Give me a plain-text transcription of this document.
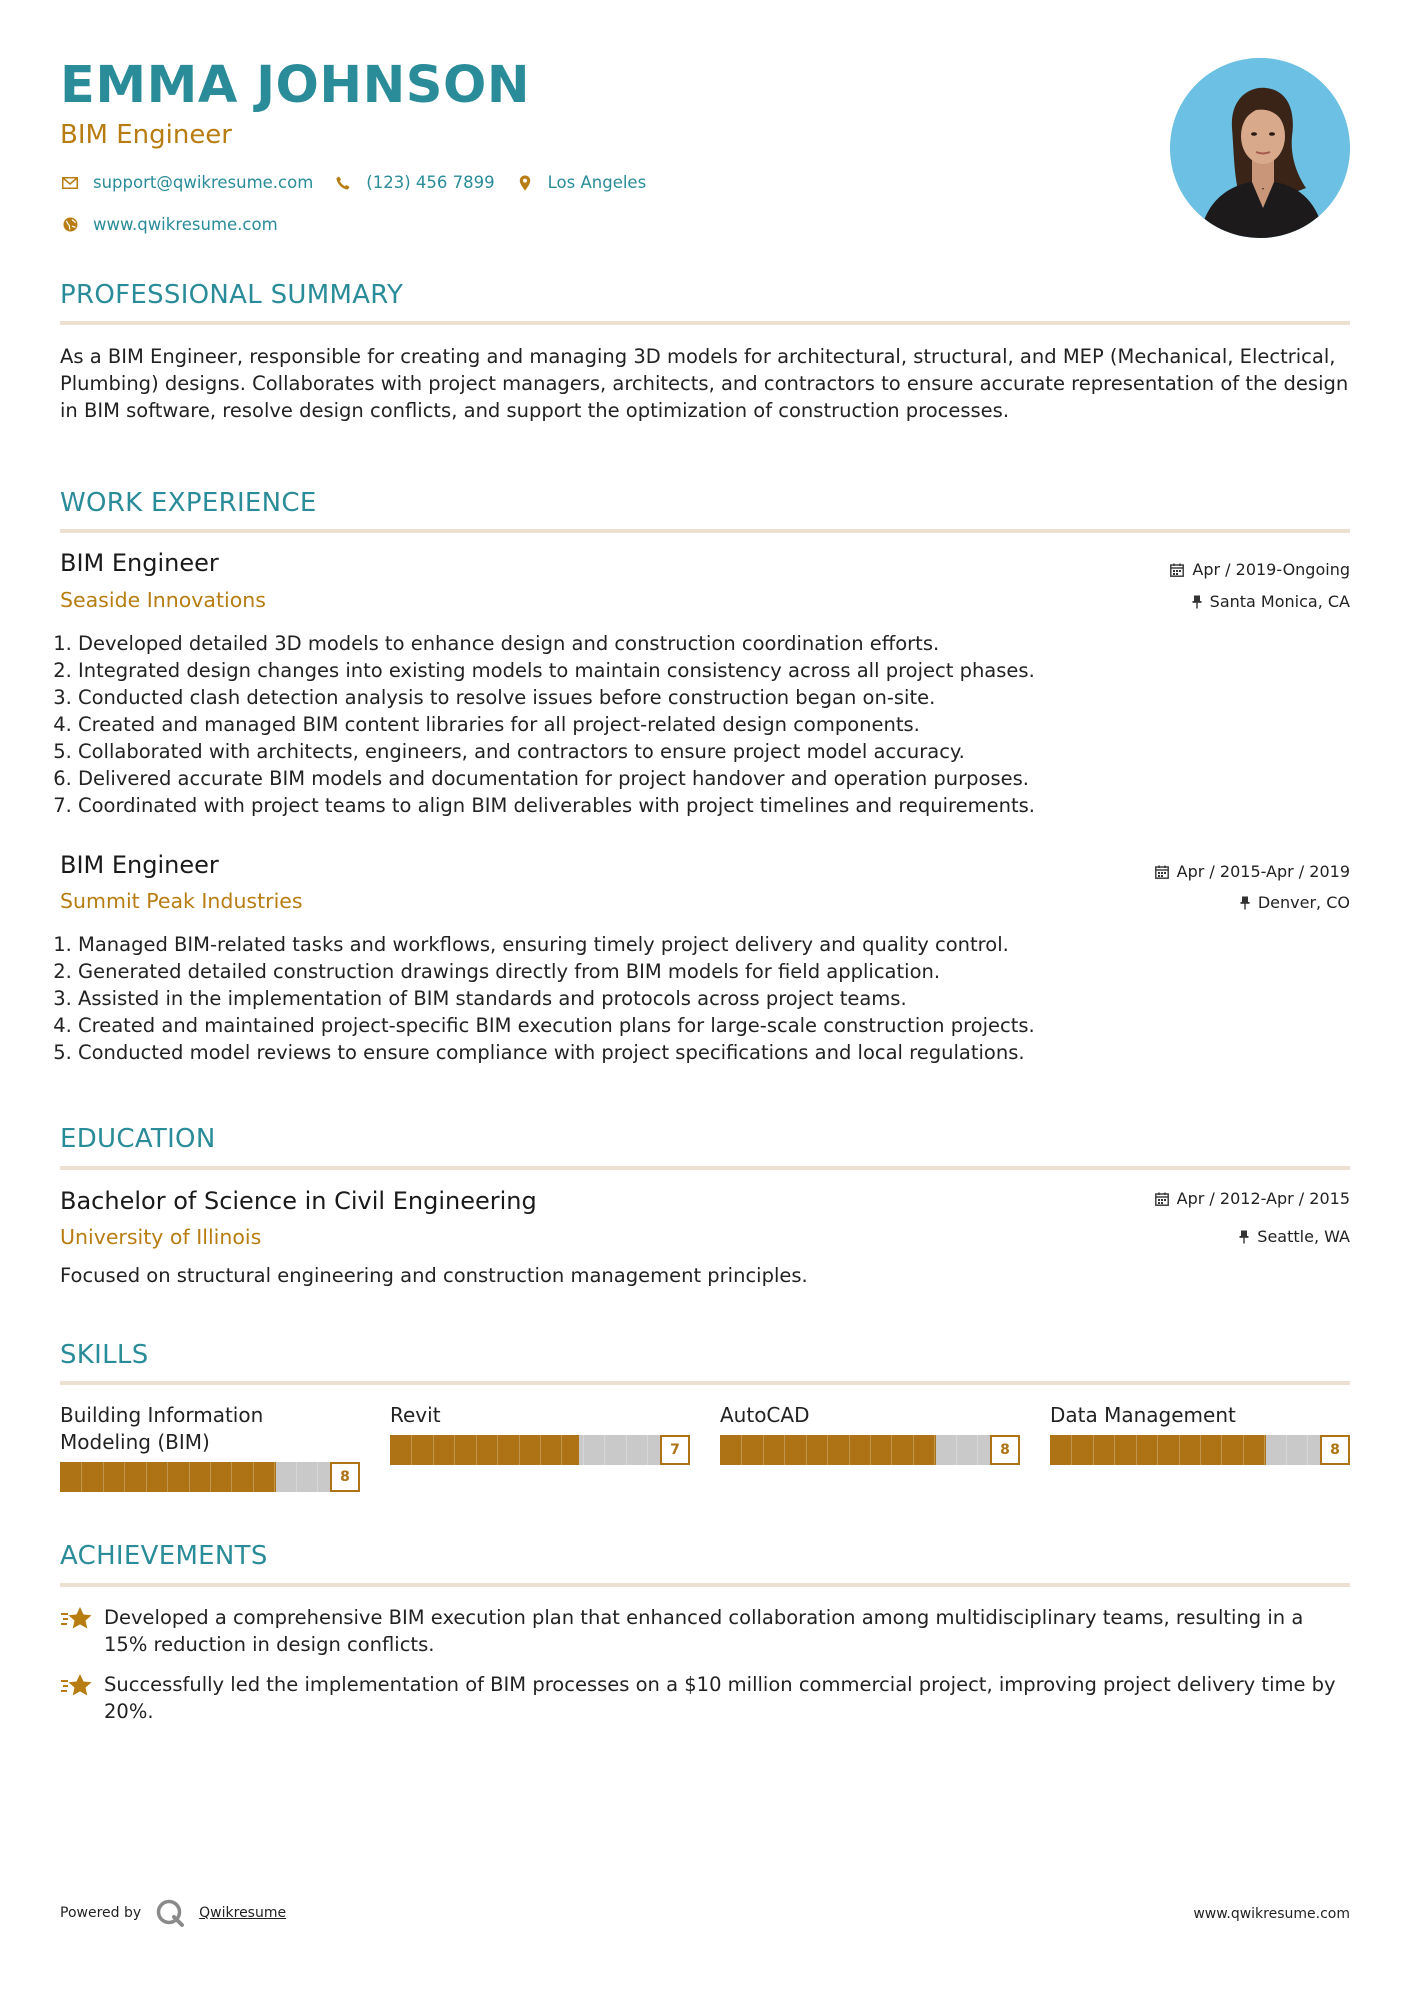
EMMA JOHNSON
BIM Engineer
support@qwikresume.com	(123) 456 7899	Los Angeles
www.qwikresume.com
PROFESSIONAL SUMMARY
As a BIM Engineer, responsible for creating and managing 3D models for architectural, structural, and MEP (Mechanical, Electrical, Plumbing) designs. Collaborates with project managers, architects, and contractors to ensure accurate representation of the design in BIM software, resolve design conflicts, and support the optimization of construction processes.
WORK EXPERIENCE
BIM Engineer
Seaside Innovations
Apr / 2019-Ongoing
Santa Monica, CA
1. Developed detailed 3D models to enhance design and construction coordination efforts.
2. Integrated design changes into existing models to maintain consistency across all project phases.
3. Conducted clash detection analysis to resolve issues before construction began on-site.
4. Created and managed BIM content libraries for all project-related design components.
5. Collaborated with architects, engineers, and contractors to ensure project model accuracy.
6. Delivered accurate BIM models and documentation for project handover and operation purposes.
7. Coordinated with project teams to align BIM deliverables with project timelines and requirements.
BIM Engineer
Summit Peak Industries
Apr / 2015-Apr / 2019
Denver, CO
1. Managed BIM-related tasks and workflows, ensuring timely project delivery and quality control.
2. Generated detailed construction drawings directly from BIM models for field application.
3. Assisted in the implementation of BIM standards and protocols across project teams.
4. Created and maintained project-specific BIM execution plans for large-scale construction projects.
5. Conducted model reviews to ensure compliance with project specifications and local regulations.
EDUCATION
Bachelor of Science in Civil Engineering
University of Illinois
Apr / 2012-Apr / 2015
Seattle, WA
Focused on structural engineering and construction management principles.
SKILLS
Building Information Modeling (BIM)
8
Revit
7
AutoCAD
8
Data Management
8
ACHIEVEMENTS
Developed a comprehensive BIM execution plan that enhanced collaboration among multidisciplinary teams, resulting in a 15% reduction in design conflicts.
Successfully led the implementation of BIM processes on a $10 million commercial project, improving project delivery time by 20%.
Powered by	Qwikresume	www.qwikresume.com
